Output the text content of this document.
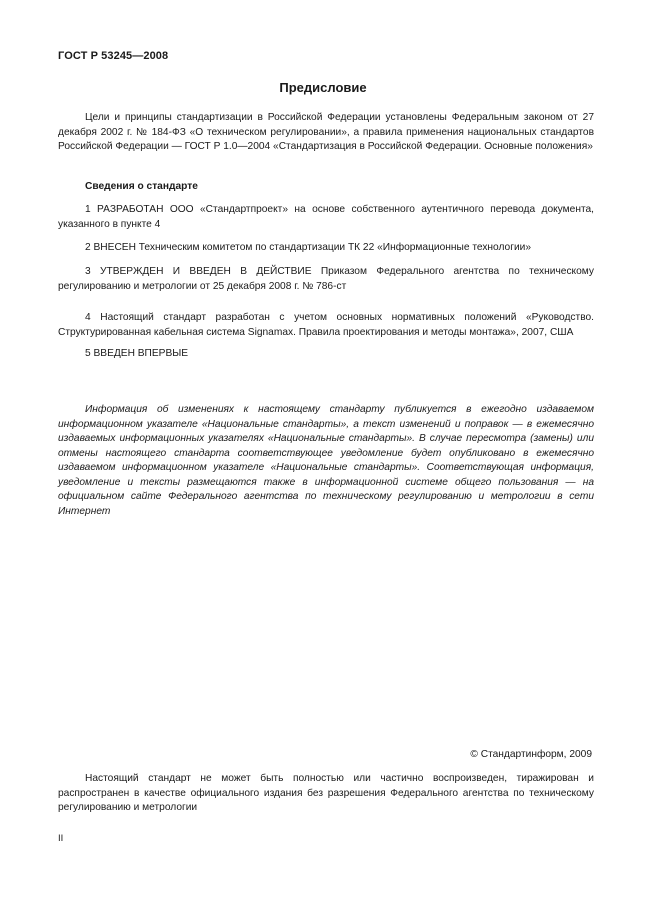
ГОСТ Р 53245—2008
Предисловие

Цели и принципы стандартизации в Российской Федерации установлены Федеральным законом от 27 декабря 2002 г. № 184-ФЗ «О техническом регулировании», а правила применения национальных стандартов Российской Федерации — ГОСТ Р 1.0—2004 «Стандартизация в Российской Федерации. Основные положения»

Сведения о стандарте

1 РАЗРАБОТАН ООО «Стандартпроект» на основе собственного аутентичного перевода документа, указанного в пункте 4

2 ВНЕСЕН Техническим комитетом по стандартизации ТК 22 «Информационные технологии»

3 УТВЕРЖДЕН И ВВЕДЕН В ДЕЙСТВИЕ Приказом Федерального агентства по техническому регулированию и метрологии от 25 декабря 2008 г. № 786-ст

4 Настоящий стандарт разработан с учетом основных нормативных положений «Руководство. Структурированная кабельная система Signamax. Правила проектирования и методы монтажа», 2007, США

5 ВВЕДЕН ВПЕРВЫЕ

Информация об изменениях к настоящему стандарту публикуется в ежегодно издаваемом информационном указателе «Национальные стандарты», а текст изменений и поправок — в ежемесячно издаваемых информационных указателях «Национальные стандарты». В случае пересмотра (замены) или отмены настоящего стандарта соответствующее уведомление будет опубликовано в ежемесячно издаваемом информационном указателе «Национальные стандарты». Соответствующая информация, уведомление и тексты размещаются также в информационной системе общего пользования — на официальном сайте Федерального агентства по техническому регулированию и метрологии в сети Интернет

© Стандартинформ, 2009

Настоящий стандарт не может быть полностью или частично воспроизведен, тиражирован и распространен в качестве официального издания без разрешения Федерального агентства по техническому регулированию и метрологии

II
